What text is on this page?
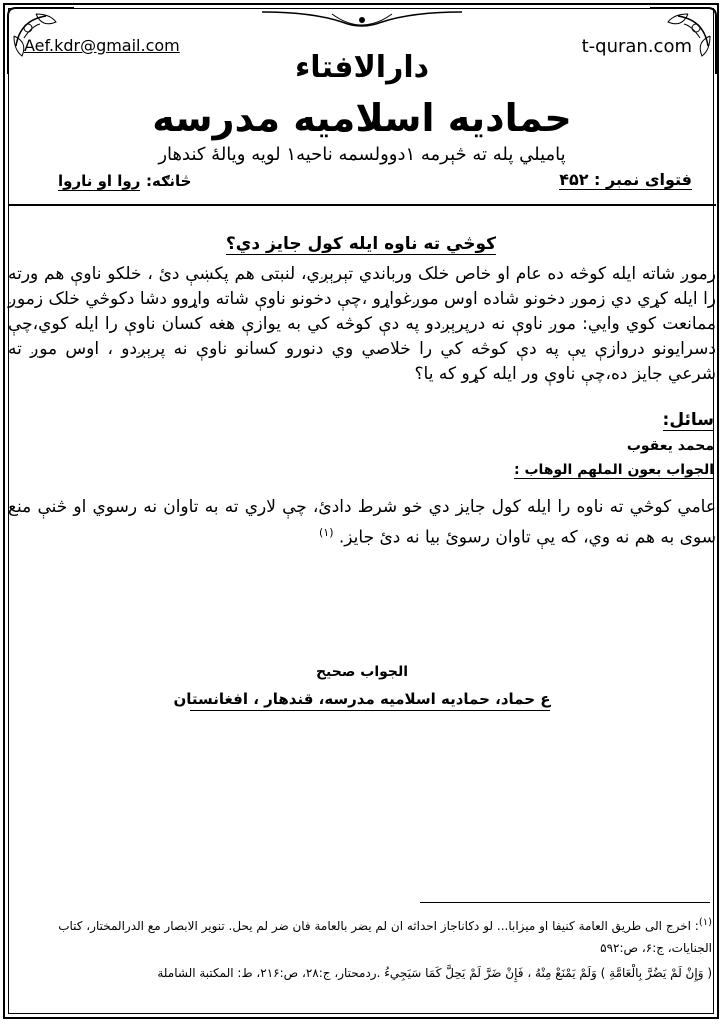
Aef.kdr@gmail.com	t-quran.com
دارالافتاء
حمادیه اسلامیه مدرسه
پاميلي پله ته څېرمه ١دوولسمه ناحيه١ لويه ويالهٔ كندهار
فتوای نمبر : ۴۵۲
څانګه:
روا او ناروا
کوڅي ته ناوه ایله کول جایز دي؟
زموږ شاته ايله كوڅه ده عام او خاص خلک ورباندي تېرېږي، لنبتی هم پکښې دئ ، خلکو ناوې هم ورته را ايله کړي دي زموږ دخونو شاده اوس موږغواړو ،چې دخونو ناوې شاته واړوو دشا دکوڅي خلک زموږ ممانعت کوي وايي: موږ ناوې نه درپرېږدو په دې کوڅه کي به يوازې هغه کسان ناوې را ايله کوي،چې دسرايونو دروازې يې په دې کوڅه کي را خلاصي وي دنورو کسانو ناوې نه پرېږدو ، اوس موږ ته شرعي جایز ده،چې ناوې ور ایله کړو که یا؟
سائل:
محمد یعقوب
الجواب بعون الملهم الوهاب :
عامي کوڅي ته ناوه را ایله کول جایز دي خو شرط دادئ، چې لاري ته به تاوان نه رسوي او څنې منع سوی به هم نه وي، که یې تاوان رسوئ بیا نه دئ جایز. $^{(١)}$
الجواب صحیح
ع حماد، حمادیه اسلامیه مدرسه، قندهار ، افغانستان
$^{(١)}$: اخرج الى طريق العامة كنيفا او ميزابا... لو دكاناجاز احداثه ان لم يضر بالعامة فان ضر لم يحل. تنوير الابصار مع الدرالمختار، كتاب الجنايات، ج:۶، ص:۵۹۲
( وَإِنْ لَمْ يَضُرَّ بِالْعَامَّةِ ) وَلَمْ يَمْنَعْ مِنْهُ ، فَإِنْ ضَرَّ لَمْ يَحِلَّ كَمَا سَيَجِيءُ .ردمحتار، ج:۲۸، ص:۲۱۶، ط: المكتبة الشاملة
